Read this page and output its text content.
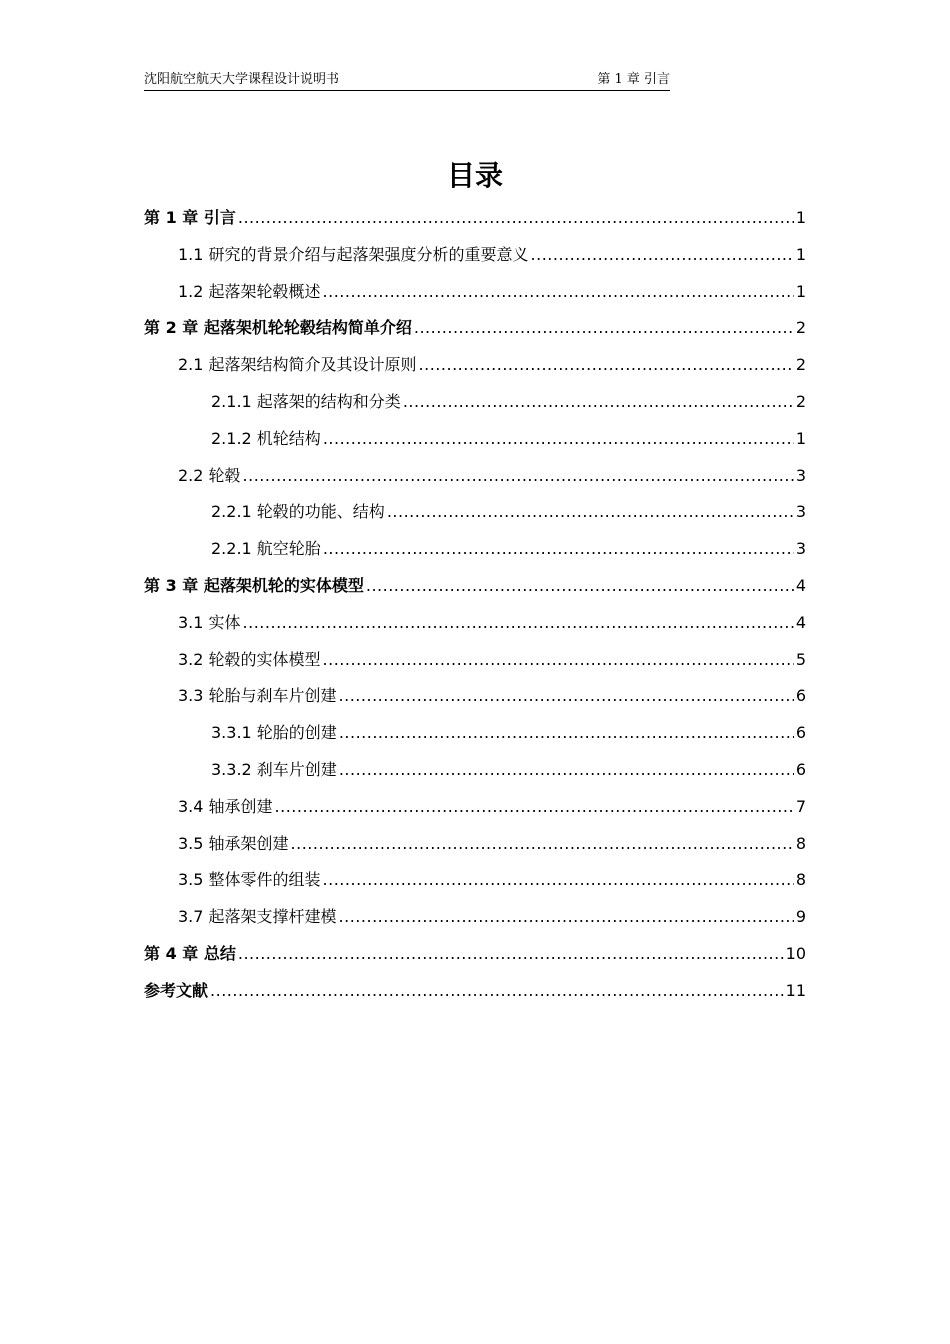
沈阳航空航天大学课程设计说明书	第 1 章 引言
目录
第 1 章 引言 .....	1
1.1 研究的背景介绍与起落架强度分析的重要意义 .....	1
1.2 起落架轮毂概述 .....	1
第 2 章 起落架机轮轮毂结构简单介绍 .....	2
2.1 起落架结构简介及其设计原则 .....	2
2.1.1 起落架的结构和分类 .....	2
2.1.2 机轮结构 .....	1
2.2 轮毂 .....	3
2.2.1 轮毂的功能、结构 .....	3
2.2.1 航空轮胎 .....	3
第 3 章 起落架机轮的实体模型 .....	4
3.1 实体 .....	4
3.2 轮毂的实体模型 .....	5
3.3 轮胎与刹车片创建 .....	6
3.3.1 轮胎的创建 .....	6
3.3.2 刹车片创建 .....	6
3.4 轴承创建 .....	7
3.5 轴承架创建 .....	8
3.5 整体零件的组装 .....	8
3.7 起落架支撑杆建模 .....	9
第 4 章 总结 .....	10
参考文献 .....	11
